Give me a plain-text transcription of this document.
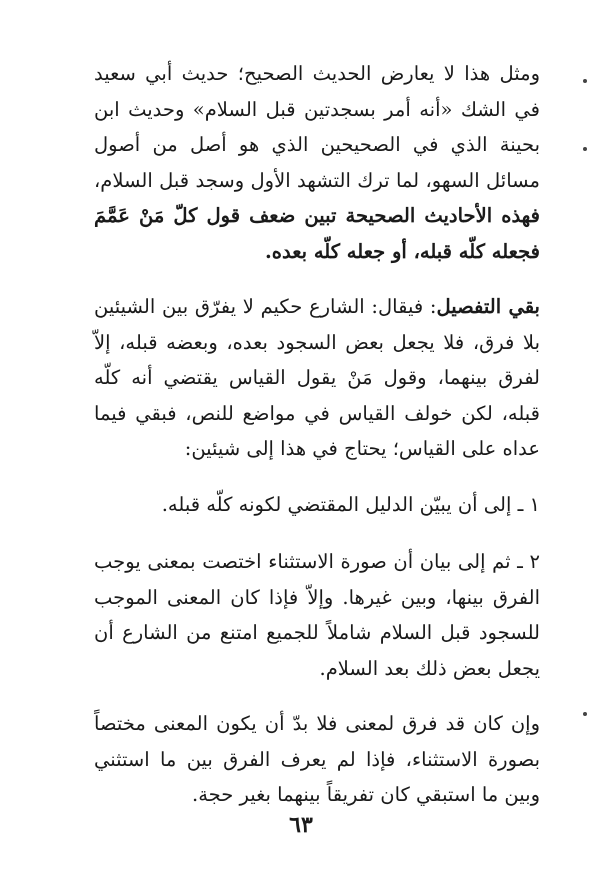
ومثل هذا لا يعارض الحديث الصحيح؛ حديث أبي سعيد في الشك «أنه أمر بسجدتين قبل السلام» وحديث ابن بحينة الذي في الصحيحين الذي هو أصل من أصول مسائل السهو، لما ترك التشهد الأول وسجد قبل السلام، فهذه الأحاديث الصحيحة تبين ضعف قول كلّ مَنْ عَمَّمَ فجعله كلّه قبله، أو جعله كلّه بعده.

بقي التفصيل: فيقال: الشارع حكيم لا يفرّق بين الشيئين بلا فرق، فلا يجعل بعض السجود بعده، وبعضه قبله، إلاّ لفرق بينهما، وقول مَنْ يقول القياس يقتضي أنه كلّه قبله، لكن خولف القياس في مواضع للنص، فبقي فيما عداه على القياس؛ يحتاج في هذا إلى شيئين:

١ ـ إلى أن يبيّن الدليل المقتضي لكونه كلّه قبله.

٢ ـ ثم إلى بيان أن صورة الاستثناء اختصت بمعنى يوجب الفرق بينها، وبين غيرها. وإلاّ فإذا كان المعنى الموجب للسجود قبل السلام شاملاً للجميع امتنع من الشارع أن يجعل بعض ذلك بعد السلام.

وإن كان قد فرق لمعنى فلا بدّ أن يكون المعنى مختصاً بصورة الاستثناء، فإذا لم يعرف الفرق بين ما استثني وبين ما استبقي كان تفريقاً بينهما بغير حجة.

٦٣
